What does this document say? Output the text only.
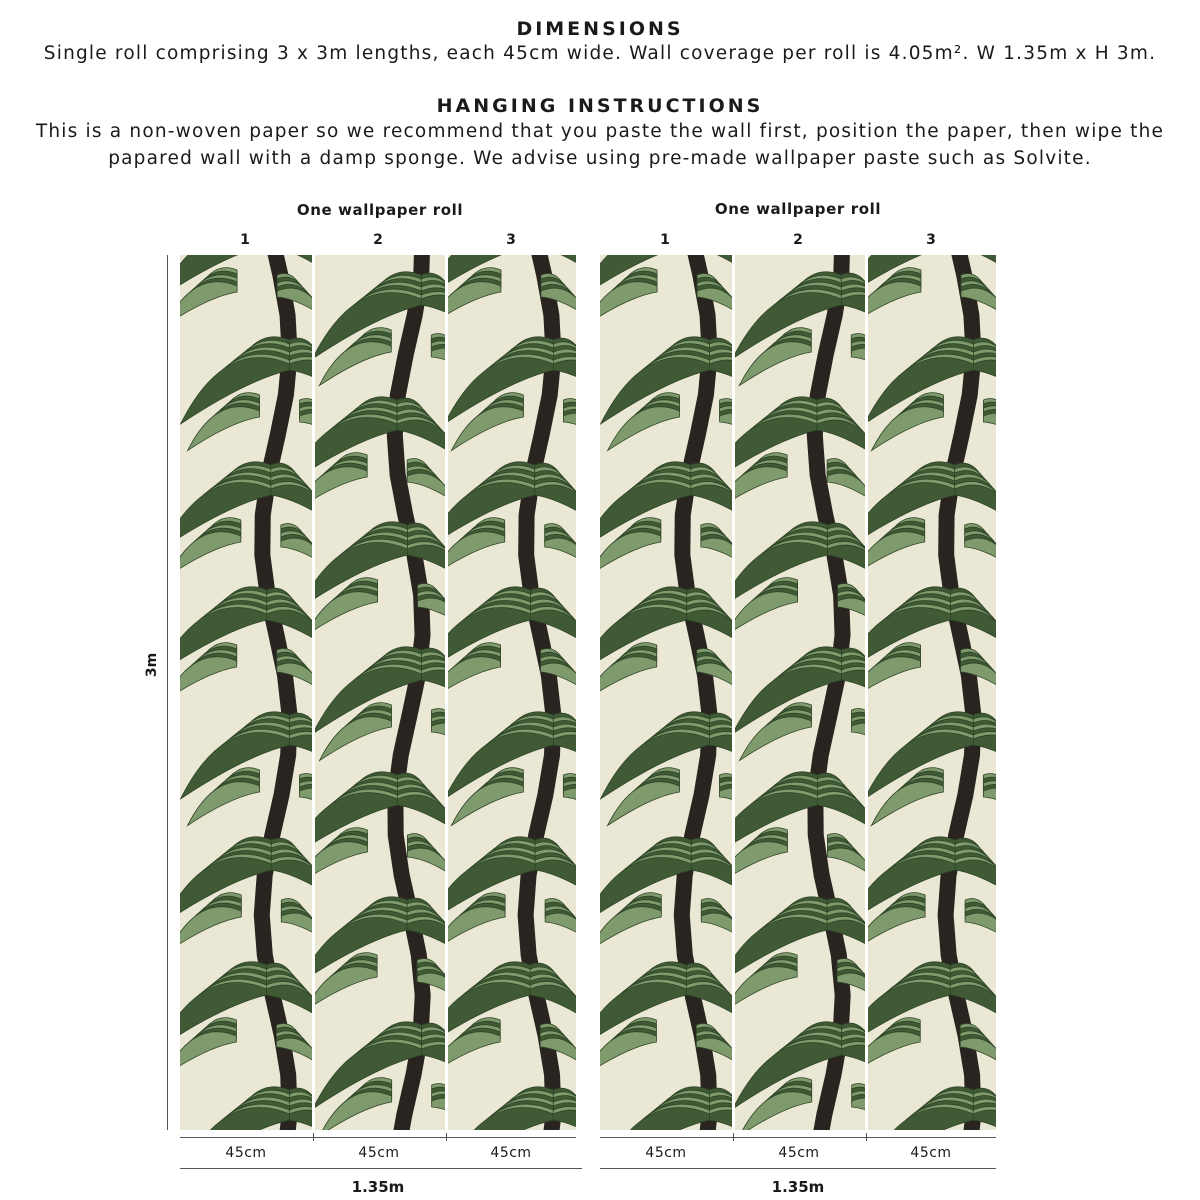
DIMENSIONS
Single roll comprising 3 x 3m lengths, each 45cm wide. Wall coverage per roll is 4.05m². W 1.35m x H 3m.
HANGING INSTRUCTIONS
This is a non-woven paper so we recommend that you paste the wall first, position the paper, then wipe the
papared wall with a damp sponge. We advise using pre-made wallpaper paste such as Solvite.
3m
One wallpaper roll
1	2	3
45cm	45cm	45cm
1.35m
One wallpaper roll
1	2	3
45cm	45cm	45cm
1.35m
